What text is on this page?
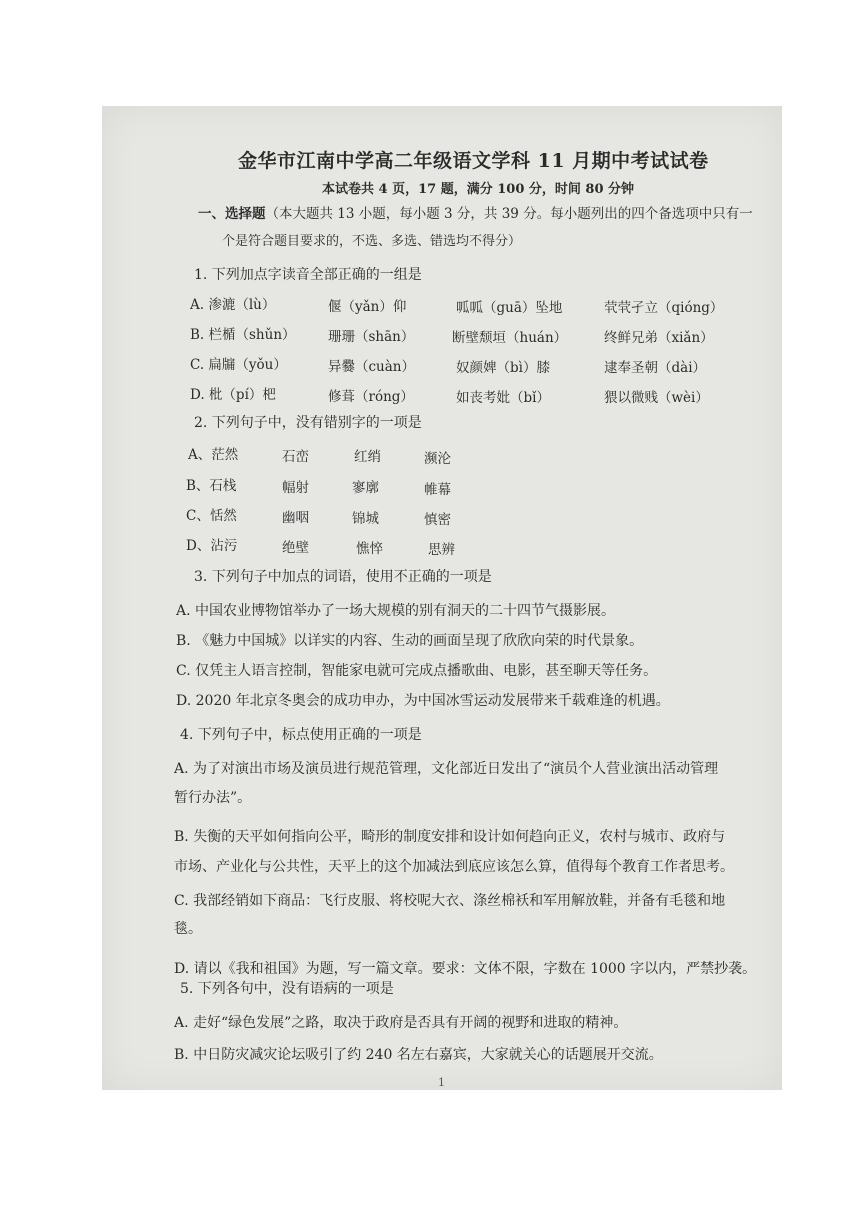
金华市江南中学高二年级语文学科 11 月期中考试试卷
本试卷共 4 页，17 题，满分 100 分，时间 80 分钟
一、选择题（本大题共 13 小题，每小题 3 分，共 39 分。每小题列出的四个备选项中只有一
个是符合题目要求的，不选、多选、错选均不得分）
1. 下列加点字读音全部正确的一组是
A. 渗漉（lù）	偃（yǎn）仰	呱呱（guā）坠地	茕茕孑立（qióng）
B. 栏楯（shǔn） 珊珊（shān）	断壁颓垣（huán）	终鲜兄弟（xiǎn）
C. 扁牖（yǒu）	异爨（cuàn）	奴颜婢（bì）膝	逮奉圣朝（dài）
D. 枇（pí）杷	修葺（róng）	如丧考妣（bǐ）	猥以微贱（wèi）
2. 下列句子中，没有错别字的一项是
A、茫然	石峦	红绡	濒沦
B、石栈	幅射	寥廓	帷幕
C、恬然	幽咽	锦城	慎密
D、沾污	绝壁	憔悴	思辨
3. 下列句子中加点的词语，使用不正确的一项是
A. 中国农业博物馆举办了一场大规模的别有洞天的二十四节气摄影展。
B. 《魅力中国城》以详实的内容、生动的画面呈现了欣欣向荣的时代景象。
C. 仅凭主人语言控制，智能家电就可完成点播歌曲、电影，甚至聊天等任务。
D. 2020 年北京冬奥会的成功申办，为中国冰雪运动发展带来千载难逢的机遇。
4. 下列句子中，标点使用正确的一项是
A. 为了对演出市场及演员进行规范管理，文化部近日发出了“演员个人营业演出活动管理
暂行办法”。
B. 失衡的天平如何指向公平，畸形的制度安排和设计如何趋向正义，农村与城市、政府与
市场、产业化与公共性，天平上的这个加减法到底应该怎么算，值得每个教育工作者思考。
C. 我部经销如下商品：飞行皮服、将校呢大衣、涤丝棉袄和军用解放鞋，并备有毛毯和地
毯。
D. 请以《我和祖国》为题，写一篇文章。要求：文体不限，字数在 1000 字以内，严禁抄袭。
5. 下列各句中，没有语病的一项是
A. 走好“绿色发展”之路，取决于政府是否具有开阔的视野和进取的精神。
B. 中日防灾减灾论坛吸引了约 240 名左右嘉宾，大家就关心的话题展开交流。
1
